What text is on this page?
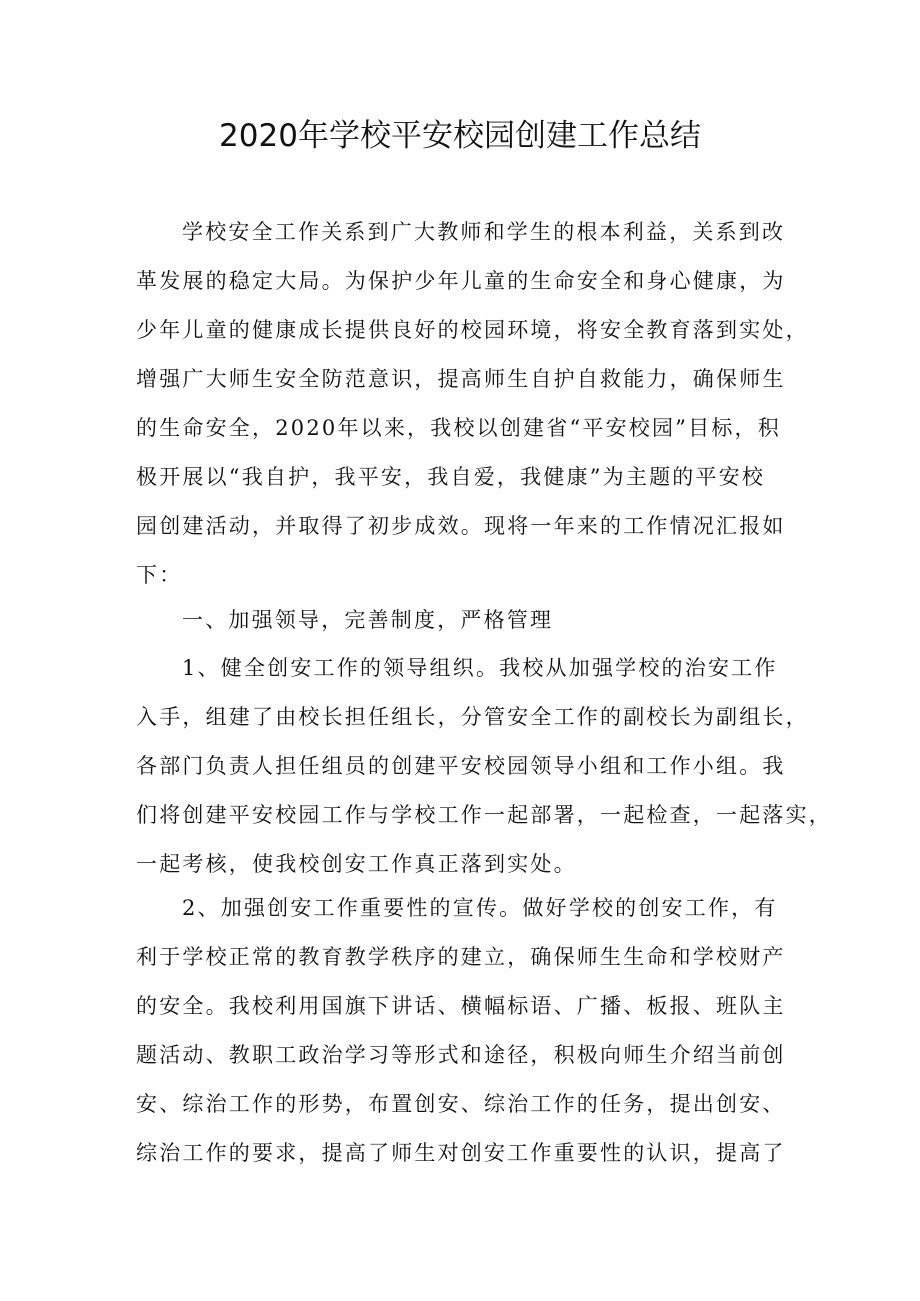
2020年学校平安校园创建工作总结
学校安全工作关系到广大教师和学生的根本利益，关系到改
革发展的稳定大局。为保护少年儿童的生命安全和身心健康，为
少年儿童的健康成长提供良好的校园环境，将安全教育落到实处，
增强广大师生安全防范意识，提高师生自护自救能力，确保师生
的生命安全，2020年以来，我校以创建省“平安校园”目标，积
极开展以“我自护，我平安，我自爱，我健康”为主题的平安校
园创建活动，并取得了初步成效。现将一年来的工作情况汇报如
下：
一、加强领导，完善制度，严格管理
1、健全创安工作的领导组织。我校从加强学校的治安工作
入手，组建了由校长担任组长，分管安全工作的副校长为副组长，
各部门负责人担任组员的创建平安校园领导小组和工作小组。我
们将创建平安校园工作与学校工作一起部署，一起检查，一起落实，
一起考核，使我校创安工作真正落到实处。
2、加强创安工作重要性的宣传。做好学校的创安工作，有
利于学校正常的教育教学秩序的建立，确保师生生命和学校财产
的安全。我校利用国旗下讲话、横幅标语、广播、板报、班队主
题活动、教职工政治学习等形式和途径，积极向师生介绍当前创
安、综治工作的形势，布置创安、综治工作的任务，提出创安、
综治工作的要求，提高了师生对创安工作重要性的认识，提高了
